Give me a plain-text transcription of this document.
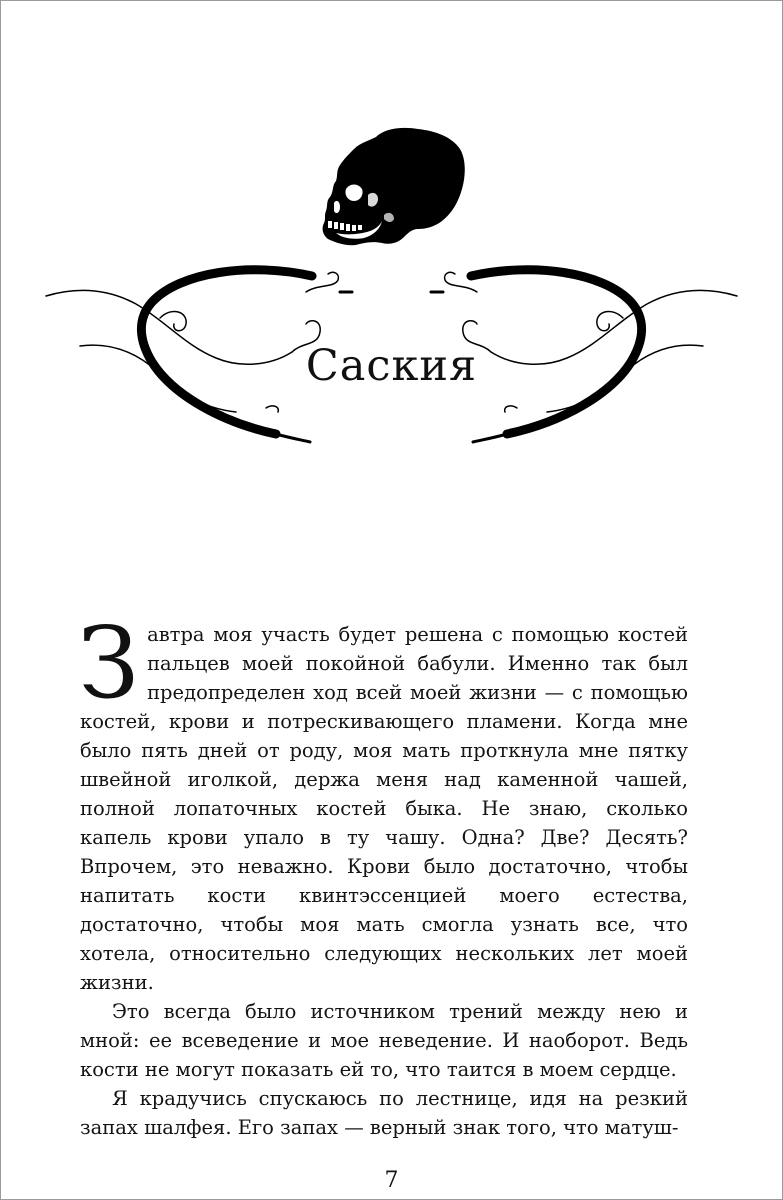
Саския

Завтра моя участь будет решена с помощью костей пальцев моей покойной бабули. Именно так был предопределен ход всей моей жизни — с помощью костей, крови и потрескивающего пламени. Когда мне было пять дней от роду, моя мать проткнула мне пятку швейной иголкой, держа меня над каменной чашей, полной лопаточных костей быка. Не знаю, сколько капель крови упало в ту чашу. Одна? Две? Десять? Впрочем, это неважно. Крови было достаточно, чтобы напитать кости квинтэссенцией моего естества, достаточно, чтобы моя мать смогла узнать все, что хотела, относительно следующих нескольких лет моей жизни.

Это всегда было источником трений между нею и мной: ее всеведение и мое неведение. И наоборот. Ведь кости не могут показать ей то, что таится в моем сердце.

Я крадучись спускаюсь по лестнице, идя на резкий запах шалфея. Его запах — верный знак того, что матуш-

7
